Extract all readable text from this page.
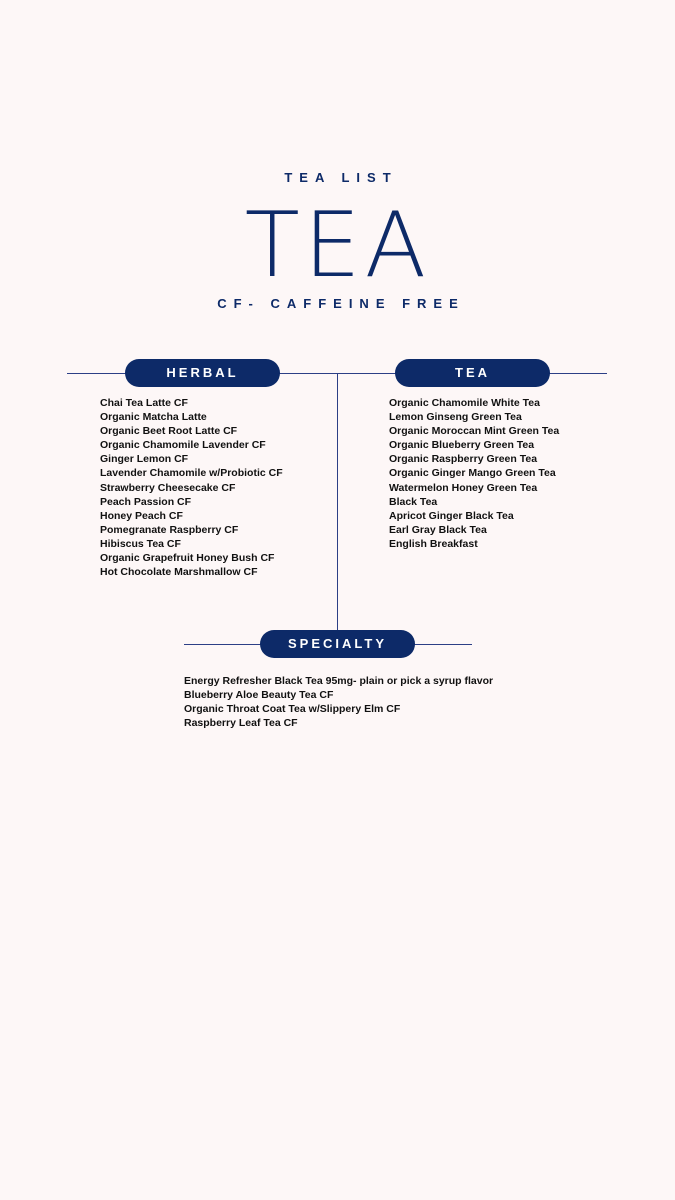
TEA LIST
TEA
CF- CAFFEINE FREE
HERBAL
Chai Tea Latte CF
Organic Matcha Latte
Organic Beet Root Latte CF
Organic Chamomile Lavender CF
Ginger Lemon CF
Lavender Chamomile w/Probiotic CF
Strawberry Cheesecake CF
Peach Passion CF
Honey Peach CF
Pomegranate Raspberry CF
Hibiscus Tea CF
Organic Grapefruit Honey Bush CF
Hot Chocolate Marshmallow CF
TEA
Organic Chamomile White Tea
Lemon Ginseng Green Tea
Organic Moroccan Mint Green Tea
Organic Blueberry Green Tea
Organic Raspberry Green Tea
Organic Ginger Mango Green Tea
Watermelon Honey Green Tea
Black Tea
Apricot Ginger Black Tea
Earl Gray Black Tea
English Breakfast
SPECIALTY
Energy Refresher Black Tea 95mg- plain or pick a syrup flavor
Blueberry Aloe Beauty Tea CF
Organic Throat Coat Tea w/Slippery Elm CF
Raspberry Leaf Tea CF
